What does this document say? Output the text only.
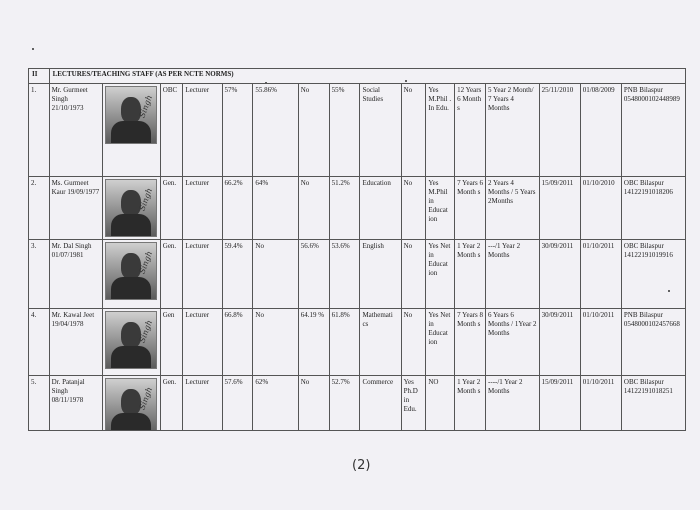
II	LECTURES/TEACHING STAFF (AS PER NCTE NORMS)															
1.	Mr. Gurmeet Singh 21/10/1973	Singh	OBC	Lecturer	57%	55.86%	No	55%	Social Studies	No	Yes M.Phil . In Edu.	12 Years 6 Month s	5 Year 2 Month/ 7 Years 4 Months	25/11/2010	01/08/2009	PNB Bilaspur 0548000102448989
2.	Ms. Gurmeet Kaur 19/09/1977	Singh	Gen.	Lecturer	66.2%	64%	No	51.2%	Education	No	Yes M.Phil in Educat ion	7 Years 6 Month s	2 Years 4 Months / 5 Years 2Months	15/09/2011	01/10/2010	OBC Bilaspur 14122191018206
3.	Mr. Dal Singh 01/07/1981	Singh	Gen.	Lecturer	59.4%	No	56.6%	53.6%	English	No	Yes Net in Educat ion	1 Year 2 Month s	---/1 Year 2 Months	30/09/2011	01/10/2011	OBC Bilaspur 14122191019916
4.	Mr. Kawal Jeet 19/04/1978	Singh	Gen	Lecturer	66.8%	No	64.19 %	61.8%	Mathemati cs	No	Yes Net in Educat ion	7 Years 8 Month s	6 Years 6 Months / 1Year 2 Months	30/09/2011	01/10/2011	PNB Bilaspur 0548000102457668
5.	Dr. Patanjal Singh 08/11/1978	Singh	Gen.	Lecturer	57.6%	62%	No	52.7%	Commerce	Yes Ph.D in Edu.	NO	1 Year 2 Month s	----/1 Year 2 Months	15/09/2011	01/10/2011	OBC Bilaspur 14122191018251
(2)
